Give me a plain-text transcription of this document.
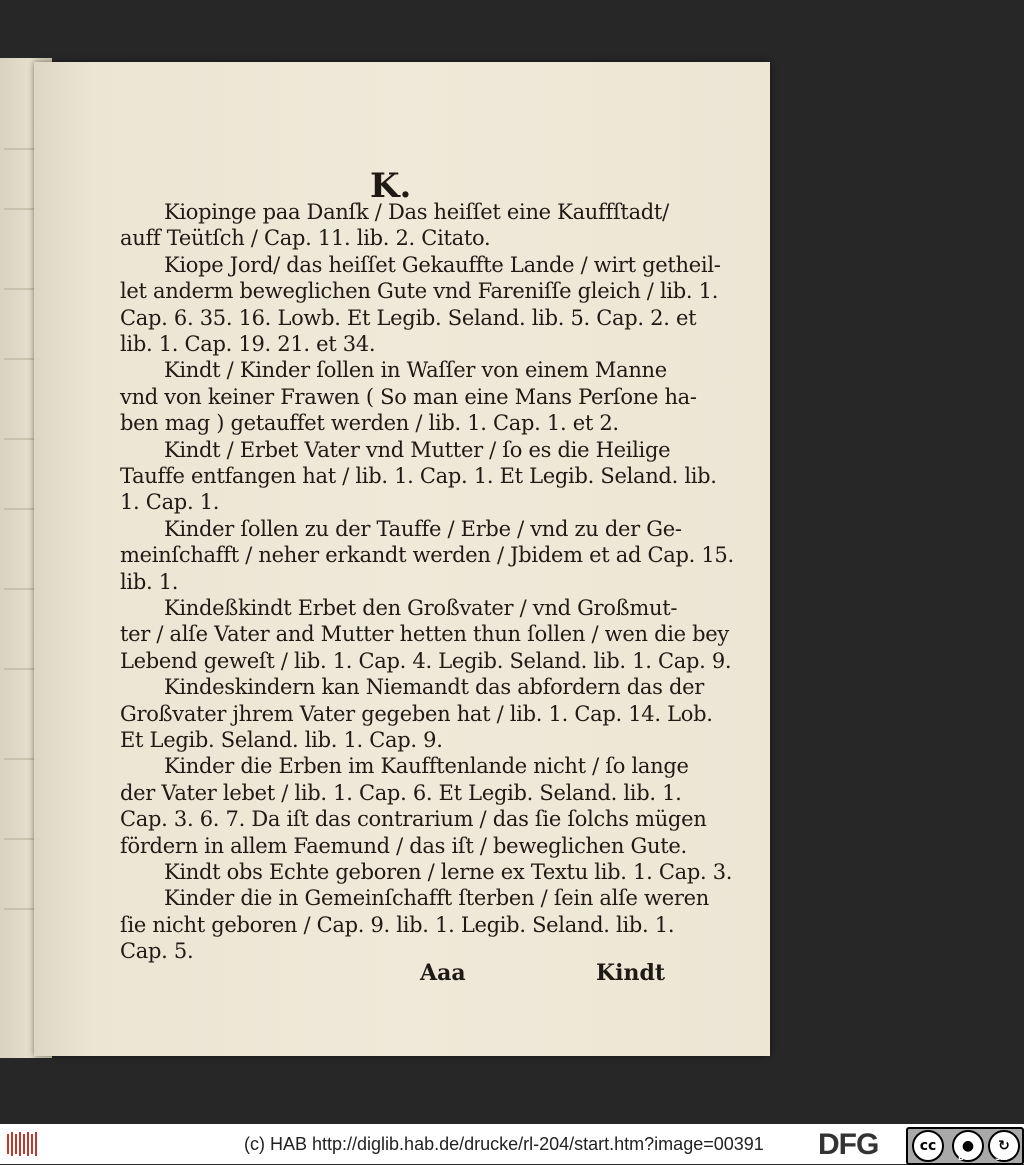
K.
Kiopinge paa Danſk / Das heiſſet eine Kauffſtadt/
auff Teütſch / Cap. 11. lib. 2. Citato.
Kiope Jord/ das heiſſet Gekauffte Lande / wirt getheil-
let anderm beweglichen Gute vnd Fareniſſe gleich / lib. 1.
Cap. 6. 35. 16. Lowb. Et Legib. Seland. lib. 5. Cap. 2. et
lib. 1. Cap. 19. 21. et 34.
Kindt / Kinder ſollen in Waſſer von einem Manne
vnd von keiner Frawen ( So man eine Mans Perſone ha-
ben mag ) getauffet werden / lib. 1. Cap. 1. et 2.
Kindt / Erbet Vater vnd Mutter / ſo es die Heilige
Tauffe entfangen hat / lib. 1. Cap. 1. Et Legib. Seland. lib.
1. Cap. 1.
Kinder ſollen zu der Tauffe / Erbe / vnd zu der Ge-
meinſchafft / neher erkandt werden / Jbidem et ad Cap. 15.
lib. 1.
Kindeßkindt Erbet den Großvater / vnd Großmut-
ter / alſe Vater and Mutter hetten thun ſollen / wen die bey
Lebend geweſt / lib. 1. Cap. 4. Legib. Seland. lib. 1. Cap. 9.
Kindeskindern kan Niemandt das abfordern das der
Großvater jhrem Vater gegeben hat / lib. 1. Cap. 14. Lob.
Et Legib. Seland. lib. 1. Cap. 9.
Kinder die Erben im Kaufftenlande nicht / ſo lange
der Vater lebet / lib. 1. Cap. 6. Et Legib. Seland. lib. 1.
Cap. 3. 6. 7. Da iſt das contrarium / das ſie ſolchs mügen
fördern in allem Faemund / das iſt / beweglichen Gute.
Kindt obs Echte geboren / lerne ex Textu lib. 1. Cap. 3.
Kinder die in Gemeinſchafft ſterben / ſein alſe weren
ſie nicht geboren / Cap. 9. lib. 1. Legib. Seland. lib. 1.
Cap. 5.
Aaa	Kindt
(c) HAB http://diglib.hab.de/drucke/rl-204/start.htm?image=00391 DFG	cc	●	↻
BY	SA
